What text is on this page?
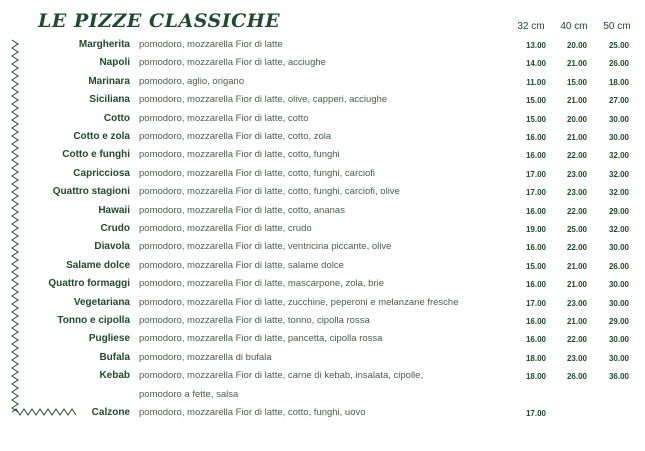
LE PIZZE CLASSICHE	32 cm	40 cm	50 cm
Margherita pomodoro, mozzarella Fior di latte	13.00	20.00	25.00
Napoli pomodoro, mozzarella Fior di latte, acciughe	14.00	21.00	26.00
Marinara pomodoro, aglio, origano	11.00	15.00	18.00
Siciliana pomodoro, mozzarella Fior di latte, olive, capperi, acciughe	15.00	21.00	27.00
Cotto pomodoro, mozzarella Fior di latte, cotto	15.00	20.00	30.00
Cotto e zola pomodoro, mozzarella Fior di latte, cotto, zola	16.00	21.00	30.00
Cotto e funghi pomodoro, mozzarella Fior di latte, cotto, funghi	16.00	22.00	32.00
Capricciosa pomodoro, mozzarella Fior di latte, cotto, funghi, carciofi	17.00	23.00	32.00
Quattro stagioni pomodoro, mozzarella Fior di latte, cotto, funghi, carciofi, olive	17.00	23.00	32.00
Hawaii pomodoro, mozzarella Fior di latte, cotto, ananas	16.00	22.00	29.00
Crudo pomodoro, mozzarella Fior di latte, crudo	19.00	25.00	32.00
Diavola pomodoro, mozzarella Fior di latte, ventricina piccante, olive	16.00	22.00	30.00
Salame dolce pomodoro, mozzarella Fior di latte, salame dolce	15.00	21.00	26.00
Quattro formaggi pomodoro, mozzarella Fior di latte, mascarpone, zola, brie	16.00	21.00	30.00
Vegetariana pomodoro, mozzarella Fior di latte, zucchine, peperoni e melanzane fresche	17.00	23.00	30.00
Tonno e cipolla pomodoro, mozzarella Fior di latte, tonno, cipolla rossa	16.00	21.00	29.00
Pugliese pomodoro, mozzarella Fior di latte, pancetta, cipolla rossa	16.00	22.00	30.00
Bufala pomodoro, mozzarella di bufala	18.00	23.00	30.00
Kebab pomodoro, mozzarella Fior di latte, carne di kebab, insalata, cipolle,	18.00	26.00	36.00
pomodoro a fette, salsa
Calzone pomodoro, mozzarella Fior di latte, cotto, funghi, uovo	17.00
